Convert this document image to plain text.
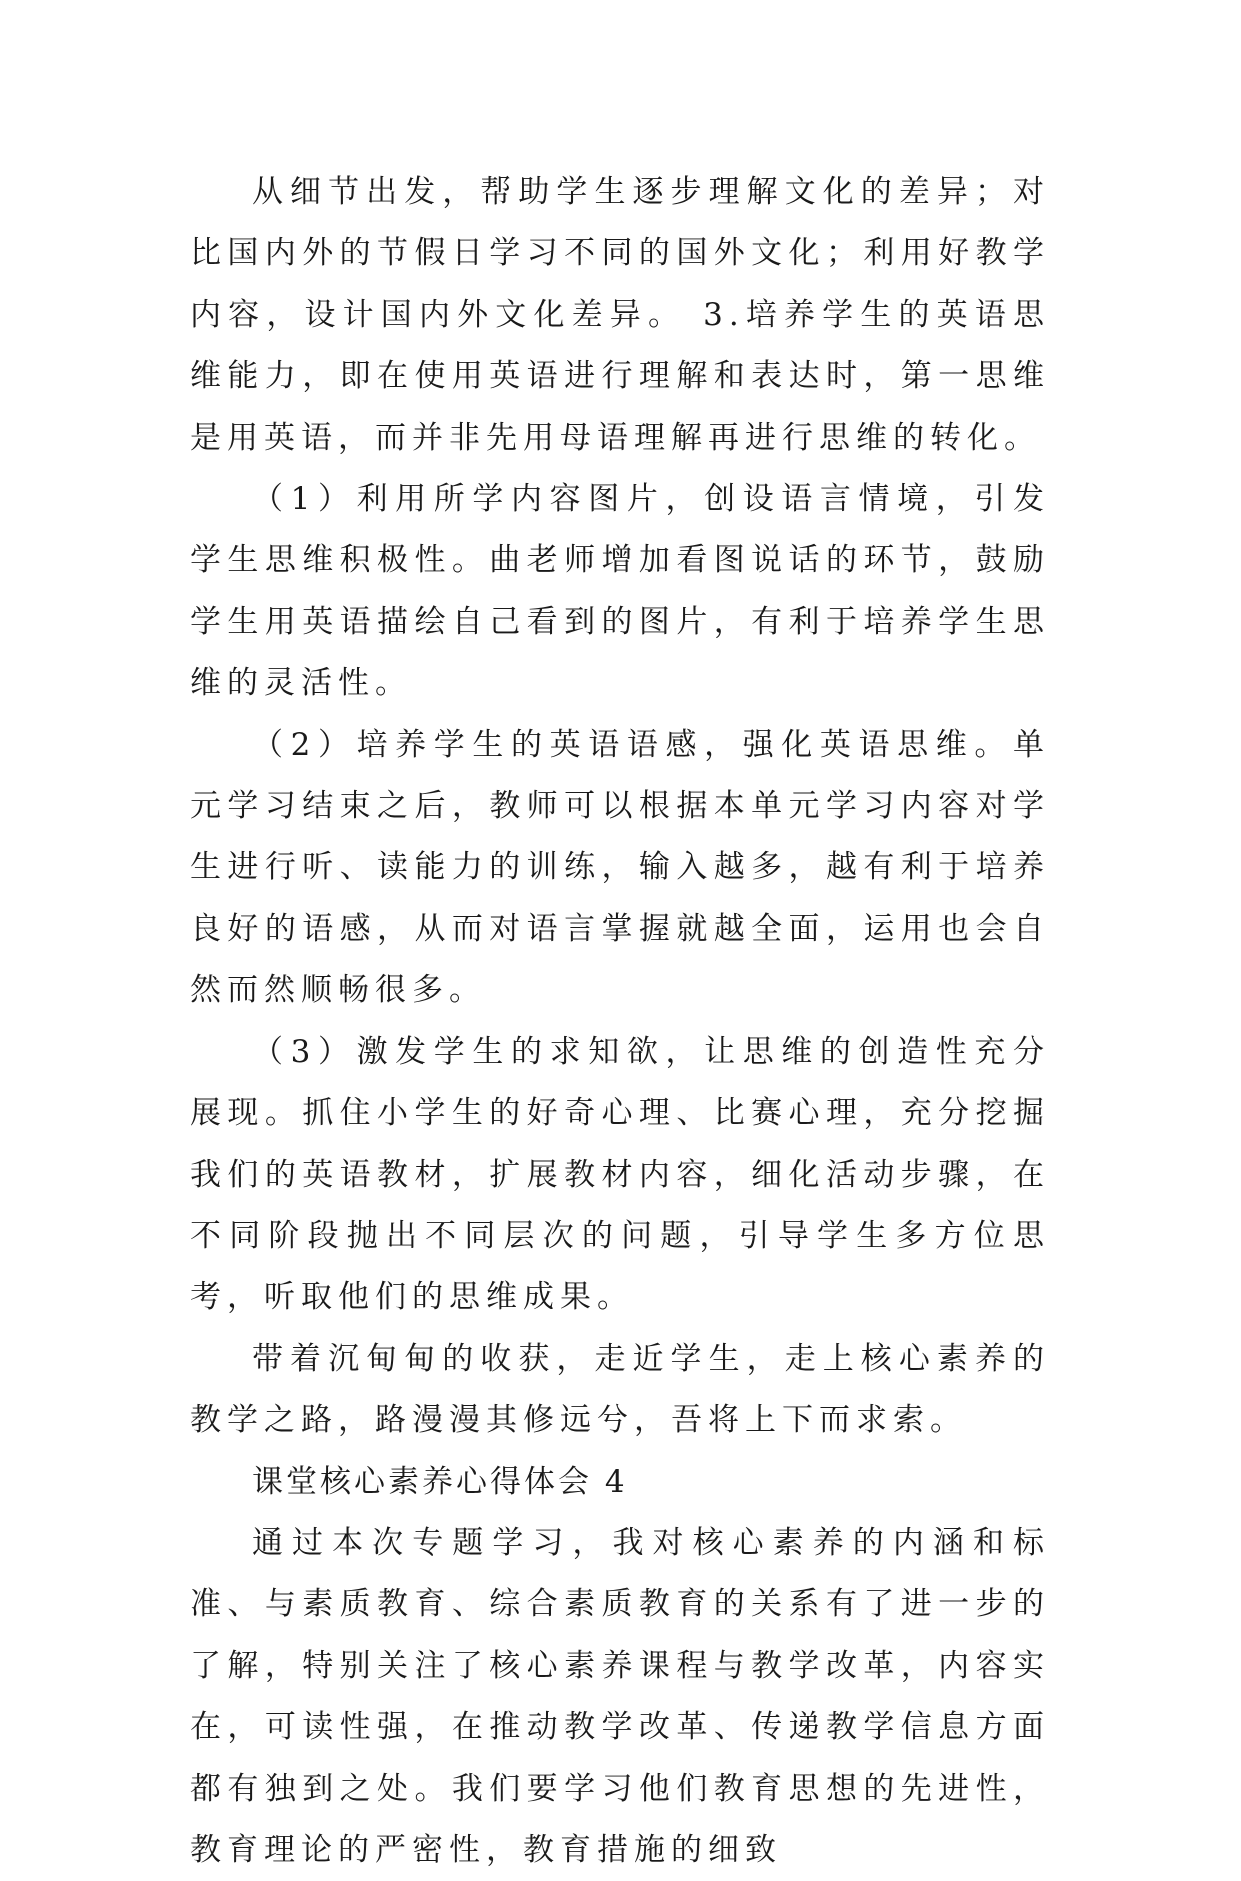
从细节出发，帮助学生逐步理解文化的差异；对比国内外的节假日学习不同的国外文化；利用好教学内容，设计国内外文化差异。 3.培养学生的英语思维能力，即在使用英语进行理解和表达时，第一思维是用英语，而并非先用母语理解再进行思维的转化。

（1）利用所学内容图片，创设语言情境，引发学生思维积极性。曲老师增加看图说话的环节，鼓励学生用英语描绘自己看到的图片，有利于培养学生思维的灵活性。

（2）培养学生的英语语感，强化英语思维。单元学习结束之后，教师可以根据本单元学习内容对学生进行听、读能力的训练，输入越多，越有利于培养良好的语感，从而对语言掌握就越全面，运用也会自然而然顺畅很多。

（3）激发学生的求知欲，让思维的创造性充分展现。抓住小学生的好奇心理、比赛心理，充分挖掘我们的英语教材，扩展教材内容，细化活动步骤，在不同阶段抛出不同层次的问题，引导学生多方位思考，听取他们的思维成果。

带着沉甸甸的收获，走近学生，走上核心素养的教学之路，路漫漫其修远兮，吾将上下而求索。

课堂核心素养心得体会 4

通过本次专题学习，我对核心素养的内涵和标准、与素质教育、综合素质教育的关系有了进一步的了解，特别关注了核心素养课程与教学改革，内容实在，可读性强，在推动教学改革、传递教学信息方面都有独到之处。我们要学习他们教育思想的先进性，教育理论的严密性，教育措施的细致
